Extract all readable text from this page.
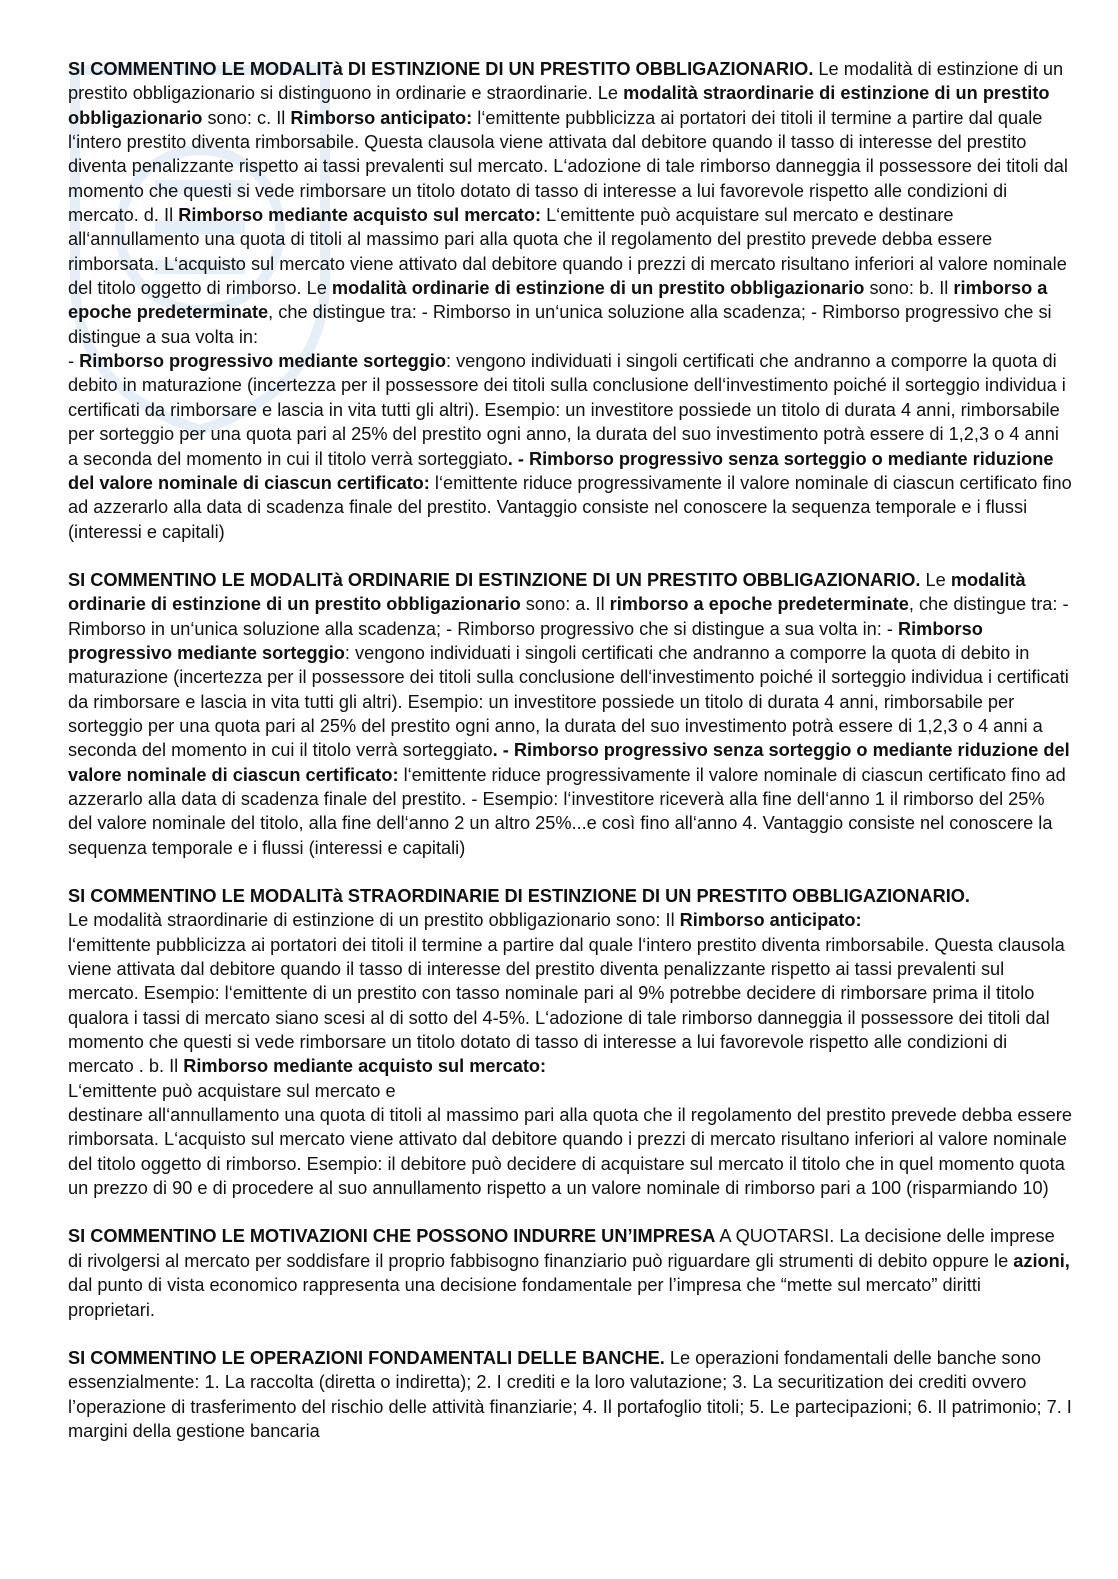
SI COMMENTINO LE MODALITà DI ESTINZIONE DI UN PRESTITO OBBLIGAZIONARIO. Le modalità di estinzione di un prestito obbligazionario si distinguono in ordinarie e straordinarie. Le modalità straordinarie di estinzione di un prestito obbligazionario sono: c. Il Rimborso anticipato: l‘emittente pubblicizza ai portatori dei titoli il termine a partire dal quale l‘intero prestito diventa rimborsabile. Questa clausola viene attivata dal debitore quando il tasso di interesse del prestito diventa penalizzante rispetto ai tassi prevalenti sul mercato. L‘adozione di tale rimborso danneggia il possessore dei titoli dal momento che questi si vede rimborsare un titolo dotato di tasso di interesse a lui favorevole rispetto alle condizioni di mercato. d. Il Rimborso mediante acquisto sul mercato: L‘emittente può acquistare sul mercato e destinare all‘annullamento una quota di titoli al massimo pari alla quota che il regolamento del prestito prevede debba essere rimborsata. L‘acquisto sul mercato viene attivato dal debitore quando i prezzi di mercato risultano inferiori al valore nominale del titolo oggetto di rimborso. Le modalità ordinarie di estinzione di un prestito obbligazionario sono: b. Il rimborso a epoche predeterminate, che distingue tra: - Rimborso in un‘unica soluzione alla scadenza; - Rimborso progressivo che si distingue a sua volta in:
- Rimborso progressivo mediante sorteggio: vengono individuati i singoli certificati che andranno a comporre la quota di debito in maturazione (incertezza per il possessore dei titoli sulla conclusione dell‘investimento poiché il sorteggio individua i certificati da rimborsare e lascia in vita tutti gli altri). Esempio: un investitore possiede un titolo di durata 4 anni, rimborsabile per sorteggio per una quota pari al 25% del prestito ogni anno, la durata del suo investimento potrà essere di 1,2,3 o 4 anni a seconda del momento in cui il titolo verrà sorteggiato. - Rimborso progressivo senza sorteggio o mediante riduzione del valore nominale di ciascun certificato: l‘emittente riduce progressivamente il valore nominale di ciascun certificato fino ad azzerarlo alla data di scadenza finale del prestito. Vantaggio consiste nel conoscere la sequenza temporale e i flussi (interessi e capitali)

SI COMMENTINO LE MODALITà ORDINARIE DI ESTINZIONE DI UN PRESTITO OBBLIGAZIONARIO. Le modalità ordinarie di estinzione di un prestito obbligazionario sono: a. Il rimborso a epoche predeterminate, che distingue tra: - Rimborso in un‘unica soluzione alla scadenza; - Rimborso progressivo che si distingue a sua volta in: - Rimborso progressivo mediante sorteggio: vengono individuati i singoli certificati che andranno a comporre la quota di debito in maturazione (incertezza per il possessore dei titoli sulla conclusione dell‘investimento poiché il sorteggio individua i certificati da rimborsare e lascia in vita tutti gli altri). Esempio: un investitore possiede un titolo di durata 4 anni, rimborsabile per sorteggio per una quota pari al 25% del prestito ogni anno, la durata del suo investimento potrà essere di 1,2,3 o 4 anni a seconda del momento in cui il titolo verrà sorteggiato. - Rimborso progressivo senza sorteggio o mediante riduzione del valore nominale di ciascun certificato: l‘emittente riduce progressivamente il valore nominale di ciascun certificato fino ad azzerarlo alla data di scadenza finale del prestito. - Esempio: l‘investitore riceverà alla fine dell‘anno 1 il rimborso del 25% del valore nominale del titolo, alla fine dell‘anno 2 un altro 25%...e così fino all‘anno 4. Vantaggio consiste nel conoscere la sequenza temporale e i flussi (interessi e capitali)

SI COMMENTINO LE MODALITà STRAORDINARIE DI ESTINZIONE DI UN PRESTITO OBBLIGAZIONARIO.
Le modalità straordinarie di estinzione di un prestito obbligazionario sono: Il Rimborso anticipato:
l‘emittente pubblicizza ai portatori dei titoli il termine a partire dal quale l‘intero prestito diventa rimborsabile. Questa clausola viene attivata dal debitore quando il tasso di interesse del prestito diventa penalizzante rispetto ai tassi prevalenti sul mercato. Esempio: l‘emittente di un prestito con tasso nominale pari al 9% potrebbe decidere di rimborsare prima il titolo qualora i tassi di mercato siano scesi al di sotto del 4-5%. L‘adozione di tale rimborso danneggia il possessore dei titoli dal momento che questi si vede rimborsare un titolo dotato di tasso di interesse a lui favorevole rispetto alle condizioni di mercato . b. Il Rimborso mediante acquisto sul mercato:
L‘emittente può acquistare sul mercato e
destinare all‘annullamento una quota di titoli al massimo pari alla quota che il regolamento del prestito prevede debba essere rimborsata. L‘acquisto sul mercato viene attivato dal debitore quando i prezzi di mercato risultano inferiori al valore nominale del titolo oggetto di rimborso. Esempio: il debitore può decidere di acquistare sul mercato il titolo che in quel momento quota un prezzo di 90 e di procedere al suo annullamento rispetto a un valore nominale di rimborso pari a 100 (risparmiando 10)

SI COMMENTINO LE MOTIVAZIONI CHE POSSONO INDURRE UN’IMPRESA A QUOTARSI. La decisione delle imprese di rivolgersi al mercato per soddisfare il proprio fabbisogno finanziario può riguardare gli strumenti di debito oppure le azioni, dal punto di vista economico rappresenta una decisione fondamentale per l’impresa che “mette sul mercato” diritti proprietari.

SI COMMENTINO LE OPERAZIONI FONDAMENTALI DELLE BANCHE. Le operazioni fondamentali delle banche sono essenzialmente: 1. La raccolta (diretta o indiretta); 2. I crediti e la loro valutazione; 3. La securitization dei crediti ovvero l’operazione di trasferimento del rischio delle attività finanziarie; 4. Il portafoglio titoli; 5. Le partecipazioni; 6. Il patrimonio; 7. I margini della gestione bancaria
